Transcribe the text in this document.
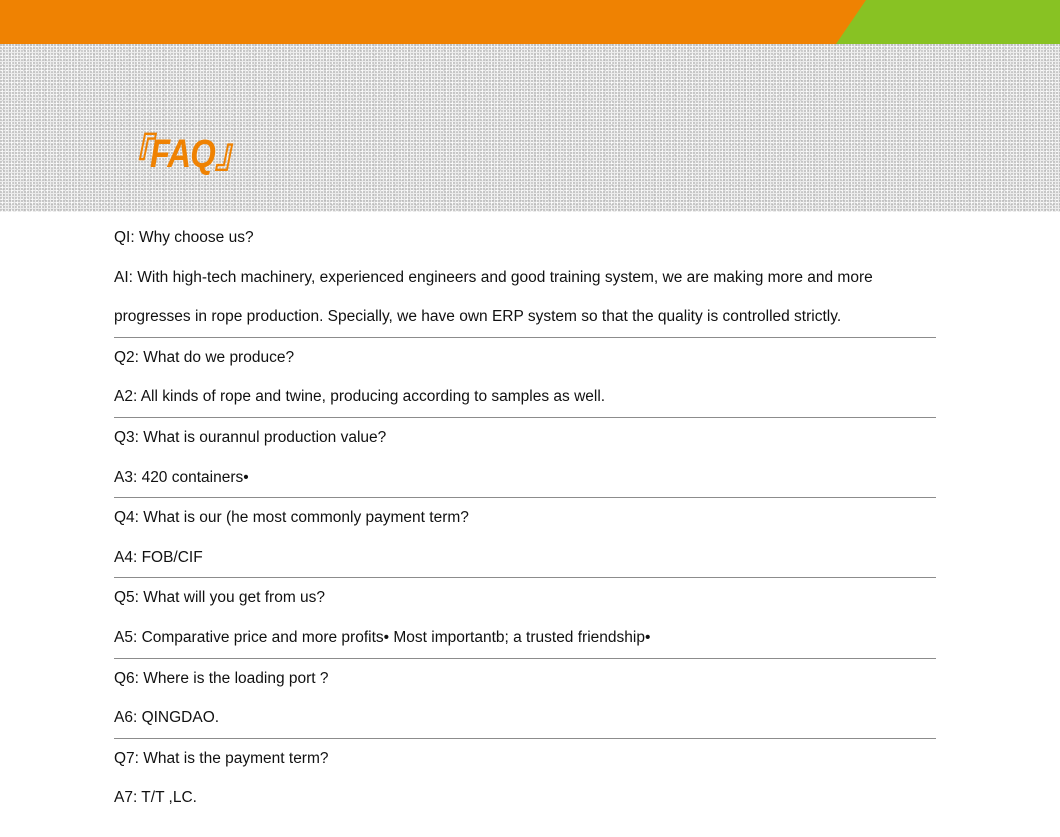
『FAQ』

QI: Why choose us?

AI: With high-tech machinery, experienced engineers and good training system, we are making more and more

progresses in rope production. Specially, we have own ERP system so that the quality is controlled strictly.

Q2: What do we produce?

A2: All kinds of rope and twine, producing according to samples as well.

Q3: What is ourannul production value?

A3: 420 containers•

Q4: What is our (he most commonly payment term?

A4: FOB/CIF

Q5: What will you get from us?

A5: Comparative price and more profits• Most importantb; a trusted friendship•

Q6: Where is the loading port ?

A6: QINGDAO.

Q7: What is the payment term?

A7: T/T ,LC.
